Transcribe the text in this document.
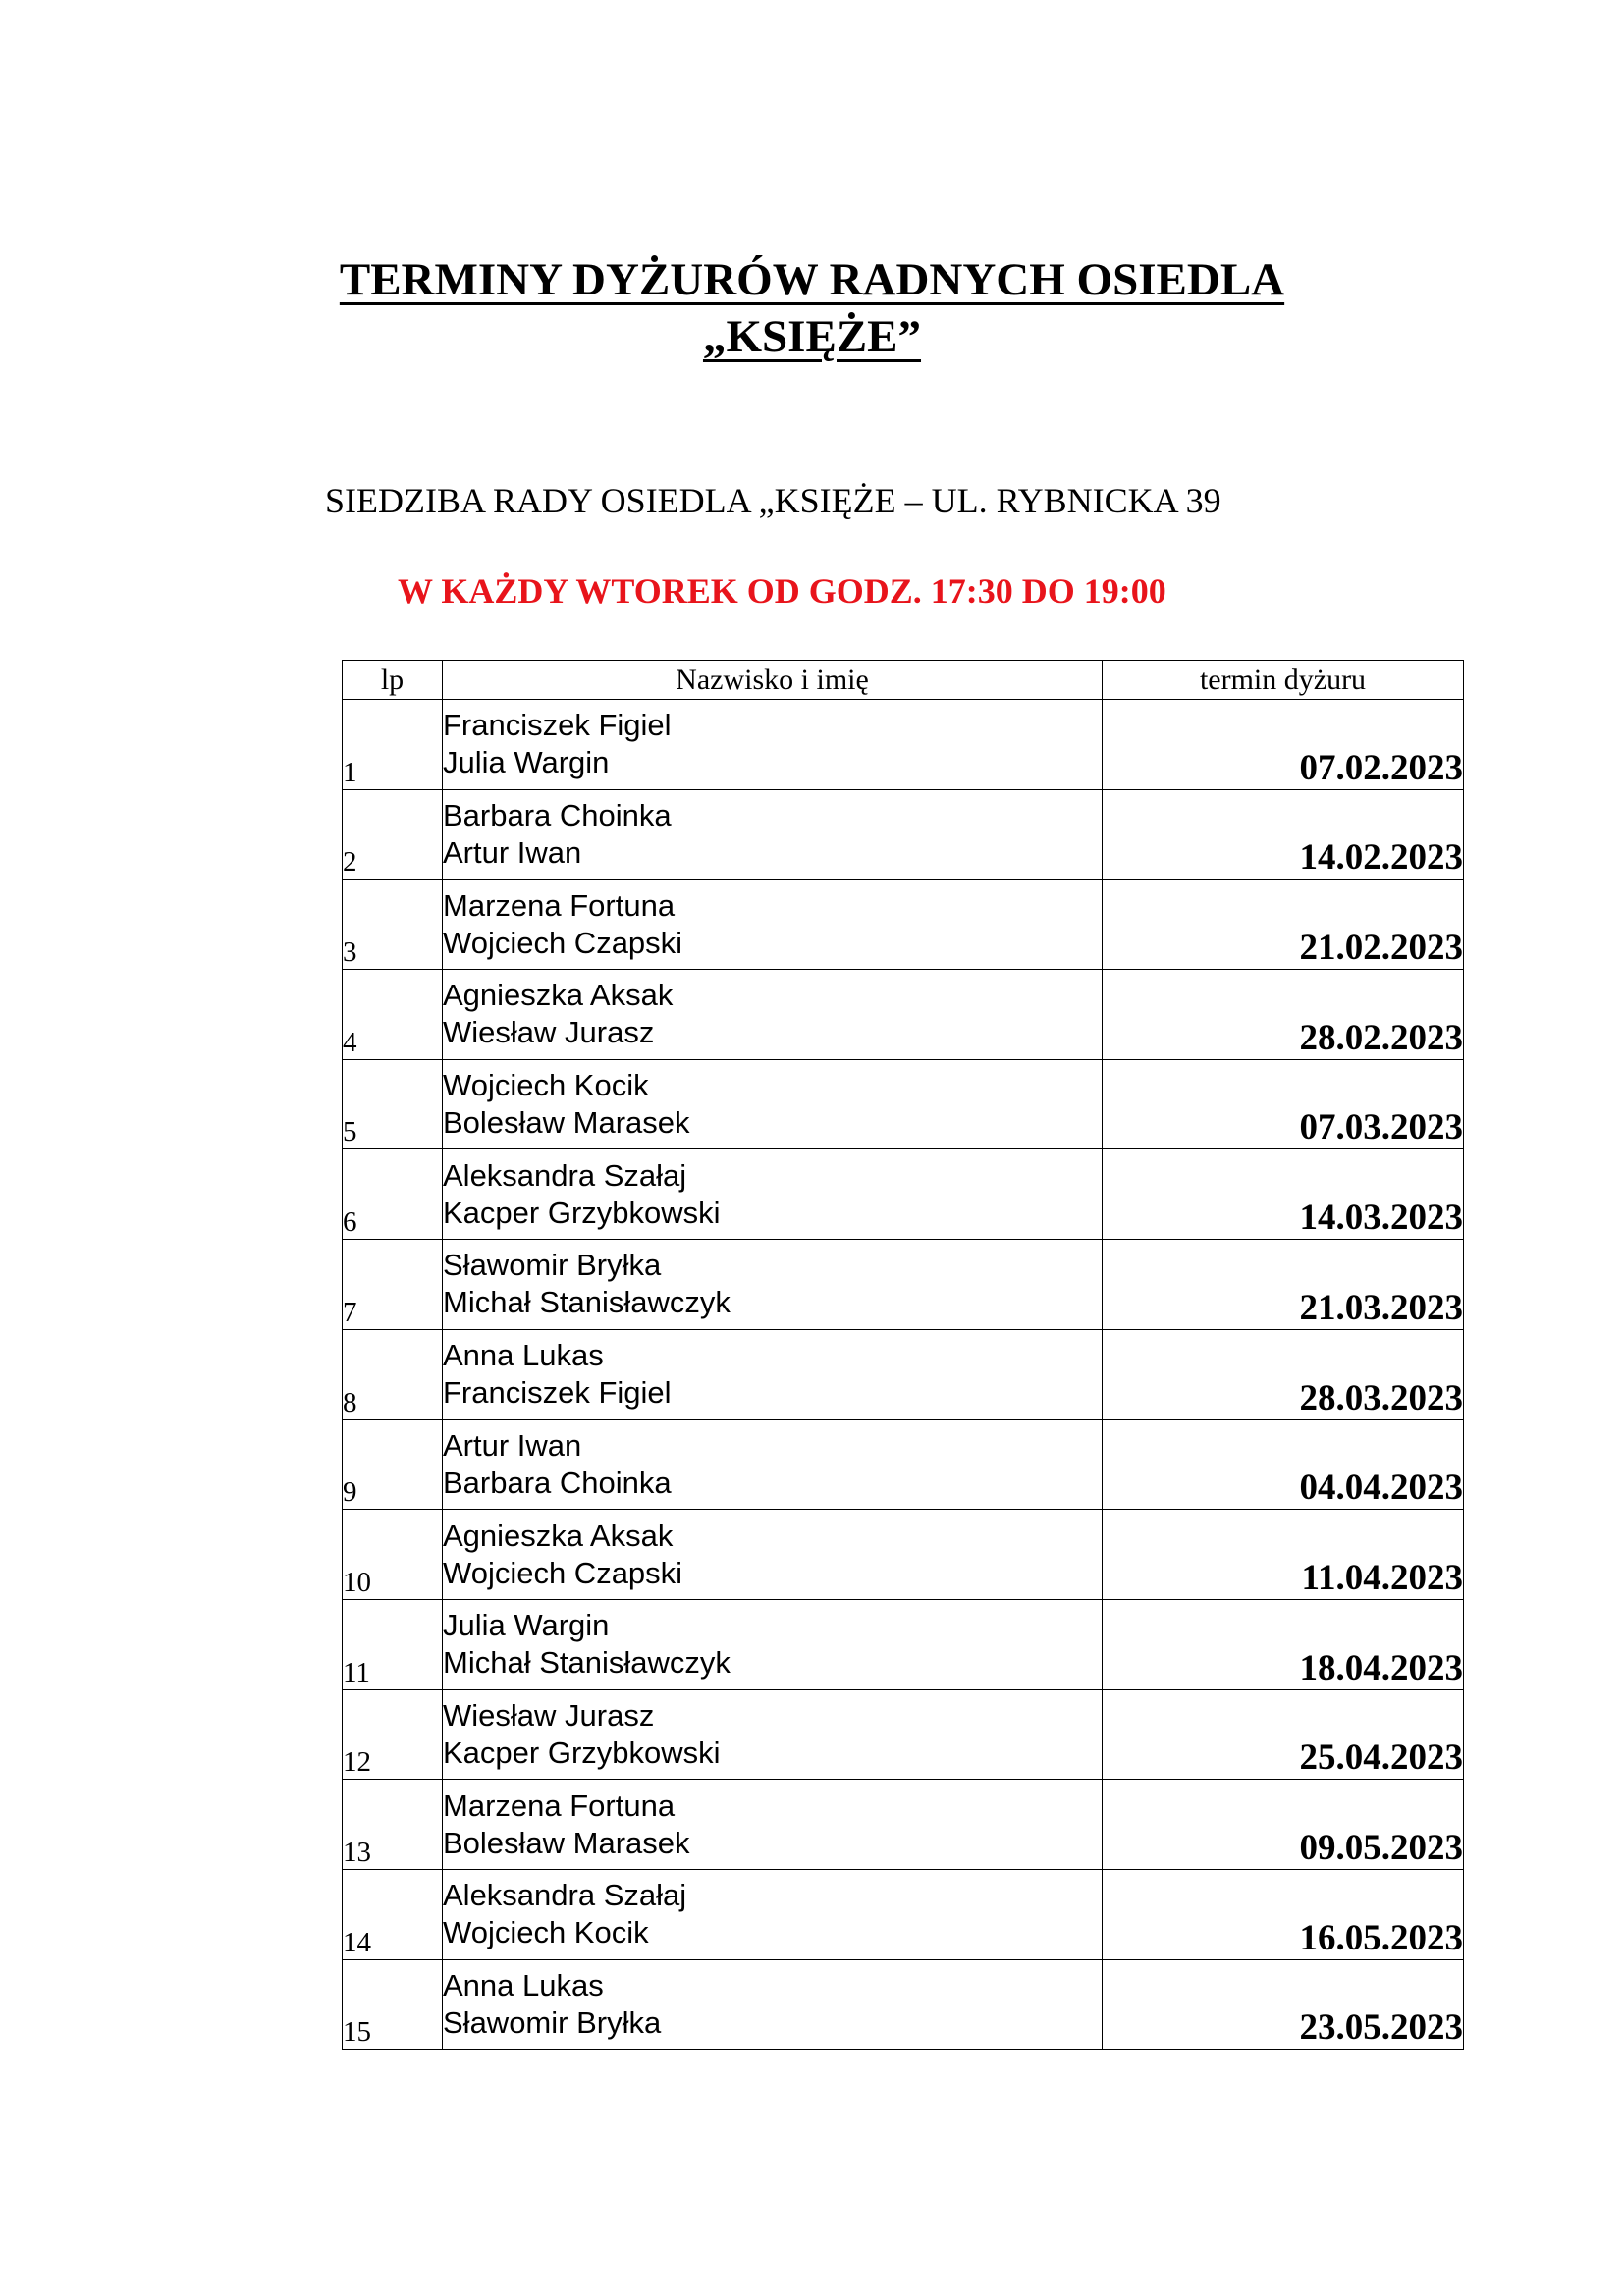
TERMINY DYŻURÓW RADNYCH OSIEDLA
„KSIĘŻE”
SIEDZIBA RADY OSIEDLA „KSIĘŻE – UL. RYBNICKA 39
W KAŻDY WTOREK OD GODZ. 17:30 DO 19:00
lp	Nazwisko i imię	termin dyżuru
1	Franciszek Figiel
Julia Wargin	07.02.2023
2	Barbara Choinka
Artur Iwan	14.02.2023
3	Marzena Fortuna
Wojciech Czapski	21.02.2023
4	Agnieszka Aksak
Wiesław Jurasz	28.02.2023
5	Wojciech Kocik
Bolesław Marasek	07.03.2023
6	Aleksandra Szałaj
Kacper Grzybkowski	14.03.2023
7	Sławomir Bryłka
Michał Stanisławczyk	21.03.2023
8	Anna Lukas
Franciszek Figiel	28.03.2023
9	Artur Iwan
Barbara Choinka	04.04.2023
10	Agnieszka Aksak
Wojciech Czapski	11.04.2023
11	Julia Wargin
Michał Stanisławczyk	18.04.2023
12	Wiesław Jurasz
Kacper Grzybkowski	25.04.2023
13	Marzena Fortuna
Bolesław Marasek	09.05.2023
14	Aleksandra Szałaj
Wojciech Kocik	16.05.2023
15	Anna Lukas
Sławomir Bryłka	23.05.2023
